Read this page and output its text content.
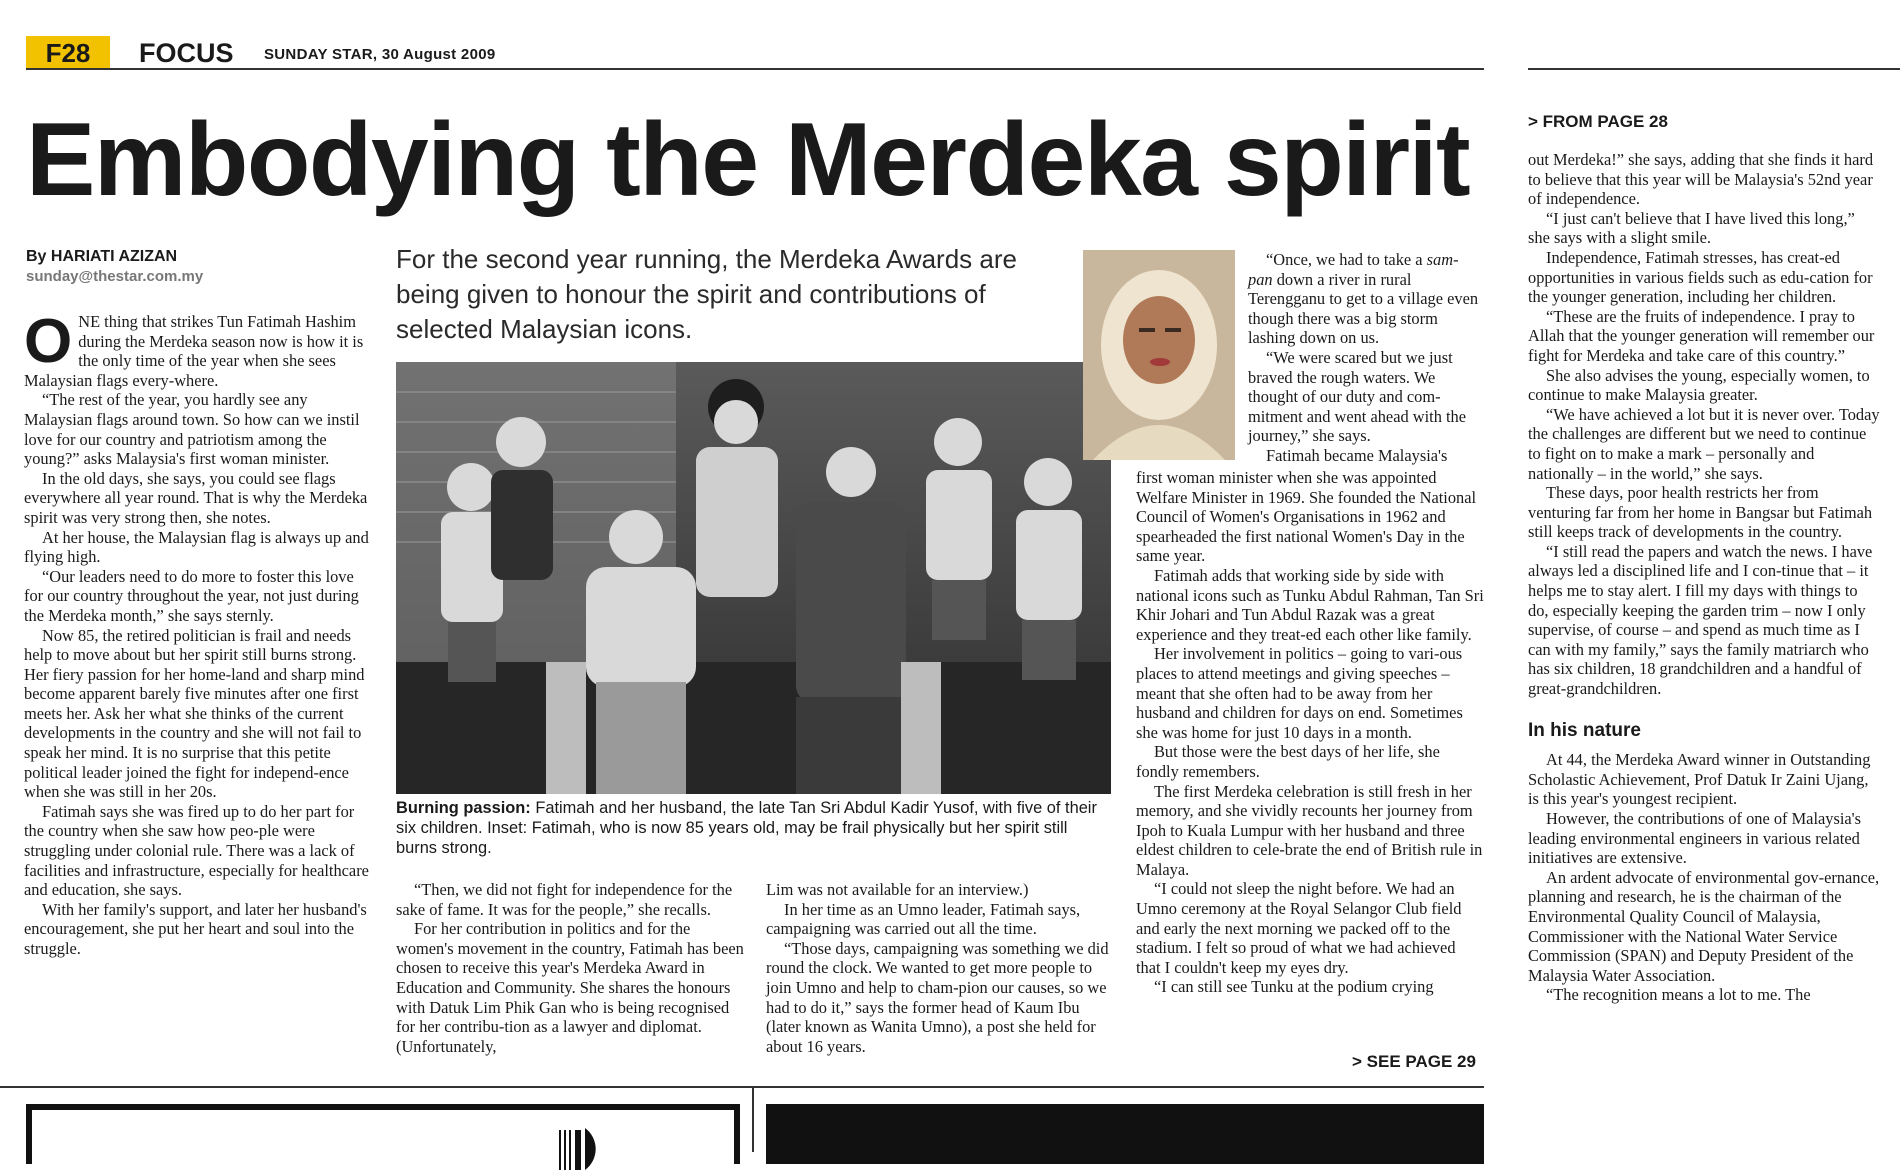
F28	FOCUS SUNDAY STAR, 30 August 2009
Embodying the Merdeka spirit
By HARIATI AZIZAN
sunday@thestar.com.my
For the second year running, the Merdeka Awards are being given to honour the spirit and contributions of selected Malaysian icons.

ONE thing that strikes Tun Fatimah Hashim during the Merdeka season now is how it is the only time of the year when she sees Malaysian flags every-where.

“The rest of the year, you hardly see any Malaysian flags around town. So how can we instil love for our country and patriotism among the young?” asks Malaysia's first woman minister.

In the old days, she says, you could see flags everywhere all year round. That is why the Merdeka spirit was very strong then, she notes.

At her house, the Malaysian flag is always up and flying high.

“Our leaders need to do more to foster this love for our country throughout the year, not just during the Merdeka month,” she says sternly.

Now 85, the retired politician is frail and needs help to move about but her spirit still burns strong. Her fiery passion for her home-land and sharp mind become apparent barely five minutes after one first meets her. Ask her what she thinks of the current developments in the country and she will not fail to speak her mind. It is no surprise that this petite political leader joined the fight for independ-ence when she was still in her 20s.

Fatimah says she was fired up to do her part for the country when she saw how peo-ple were struggling under colonial rule. There was a lack of facilities and infrastructure, especially for healthcare and education, she says.

With her family's support, and later her husband's encouragement, she put her heart and soul into the struggle.

Burning passion: Fatimah and her husband, the late Tan Sri Abdul Kadir Yusof, with five of their six children. Inset: Fatimah, who is now 85 years old, may be frail physically but her spirit still burns strong.

“Then, we did not fight for independence for the sake of fame. It was for the people,” she recalls.

For her contribution in politics and for the women's movement in the country, Fatimah has been chosen to receive this year's Merdeka Award in Education and Community. She shares the honours with Datuk Lim Phik Gan who is being recognised for her contribu-tion as a lawyer and diplomat. (Unfortunately,

Lim was not available for an interview.)

In her time as an Umno leader, Fatimah says, campaigning was carried out all the time.

“Those days, campaigning was something we did round the clock. We wanted to get more people to join Umno and help to cham-pion our causes, so we had to do it,” says the former head of Kaum Ibu (later known as Wanita Umno), a post she held for about 16 years.

“Once, we had to take a sam-pan down a river in rural Terengganu to get to a village even though there was a big storm lashing down on us.

“We were scared but we just braved the rough waters. We thought of our duty and com-mitment and went ahead with the journey,” she says.

Fatimah became Malaysia's

first woman minister when she was appointed Welfare Minister in 1969. She founded the National Council of Women's Organisations in 1962 and spearheaded the first national Women's Day in the same year.

Fatimah adds that working side by side with national icons such as Tunku Abdul Rahman, Tan Sri Khir Johari and Tun Abdul Razak was a great experience and they treat-ed each other like family.

Her involvement in politics – going to vari-ous places to attend meetings and giving speeches – meant that she often had to be away from her husband and children for days on end. Sometimes she was home for just 10 days in a month.

But those were the best days of her life, she fondly remembers.

The first Merdeka celebration is still fresh in her memory, and she vividly recounts her journey from Ipoh to Kuala Lumpur with her husband and three eldest children to cele-brate the end of British rule in Malaya.

“I could not sleep the night before. We had an Umno ceremony at the Royal Selangor Club field and early the next morning we packed off to the stadium. I felt so proud of what we had achieved that I couldn't keep my eyes dry.

“I can still see Tunku at the podium crying

> SEE PAGE 29
> FROM PAGE 28

out Merdeka!” she says, adding that she finds it hard to believe that this year will be Malaysia's 52nd year of independence.

“I just can't believe that I have lived this long,” she says with a slight smile.

Independence, Fatimah stresses, has creat-ed opportunities in various fields such as edu-cation for the younger generation, including her children.

“These are the fruits of independence. I pray to Allah that the younger generation will remember our fight for Merdeka and take care of this country.”

She also advises the young, especially women, to continue to make Malaysia greater.

“We have achieved a lot but it is never over. Today the challenges are different but we need to continue to fight on to make a mark – personally and nationally – in the world,” she says.

These days, poor health restricts her from venturing far from her home in Bangsar but Fatimah still keeps track of developments in the country.

“I still read the papers and watch the news. I have always led a disciplined life and I con-tinue that – it helps me to stay alert. I fill my days with things to do, especially keeping the garden trim – now I only supervise, of course – and spend as much time as I can with my family,” says the family matriarch who has six children, 18 grandchildren and a handful of great-grandchildren.

In his nature

At 44, the Merdeka Award winner in Outstanding Scholastic Achievement, Prof Datuk Ir Zaini Ujang, is this year's youngest recipient.

However, the contributions of one of Malaysia's leading environmental engineers in various related initiatives are extensive.

An ardent advocate of environmental gov-ernance, planning and research, he is the chairman of the Environmental Quality Council of Malaysia, Commissioner with the National Water Service Commission (SPAN) and Deputy President of the Malaysia Water Association.

“The recognition means a lot to me. The
